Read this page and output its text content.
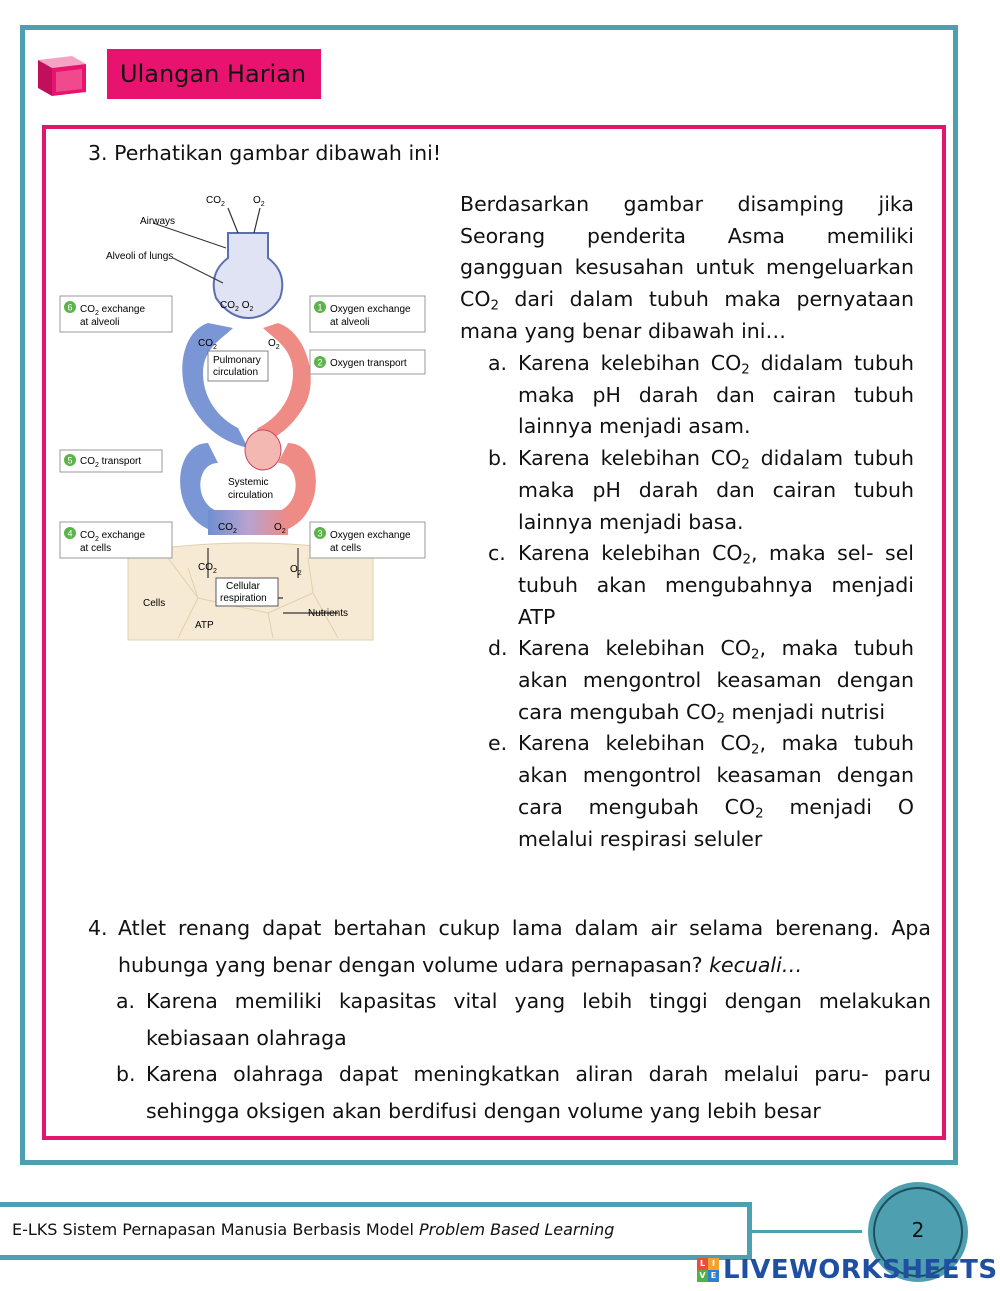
Ulangan Harian
3. Perhatikan gambar dibawah ini!
$CO_2$	$O_2$
Airways
Alveoli of lungs
$CO_2$ $O_2$
$CO_2$	$O_2$
Pulmonary
circulation
Systemic
circulation
$CO_2$	$O_2$
$CO_2$	$O_2$
Cellular
respiration
Cells
Nutrients
ATP
6 $CO_2$ exchange
at alveoli
5 $CO_2$ transport
4 $CO_2$ exchange
at cells
1 Oxygen exchange
at alveoli
2 Oxygen transport
3 Oxygen exchange
at cells

Berdasarkan gambar disamping jika Seorang penderita Asma memiliki gangguan kesusahan untuk mengeluarkan $CO_2$ dari dalam tubuh maka pernyataan mana yang benar dibawah ini…

a. Karena kelebihan $CO_2$ didalam tubuh maka pH darah dan cairan tubuh lainnya menjadi asam.
b. Karena kelebihan $CO_2$ didalam tubuh maka pH darah dan cairan tubuh lainnya menjadi basa.
c. Karena kelebihan $CO_2$, maka sel- sel tubuh akan mengubahnya menjadi ATP
d. Karena kelebihan $CO_2$, maka tubuh akan mengontrol keasaman dengan cara mengubah $CO_2$ menjadi nutrisi
e. Karena kelebihan $CO_2$, maka tubuh akan mengontrol keasaman dengan cara mengubah $CO_2$ menjadi O melalui respirasi seluler
4. Atlet renang dapat bertahan cukup lama dalam air selama berenang. Apa hubunga yang benar dengan volume udara pernapasan? kecuali…
a. Karena memiliki kapasitas vital yang lebih tinggi dengan melakukan kebiasaan olahraga
b. Karena olahraga dapat meningkatkan aliran darah melalui paru- paru sehingga oksigen akan berdifusi dengan volume yang lebih besar
E-LKS Sistem Pernapasan Manusia Berbasis Model Problem Based Learning	2
L I
V E LIVEWORKSHEETS
